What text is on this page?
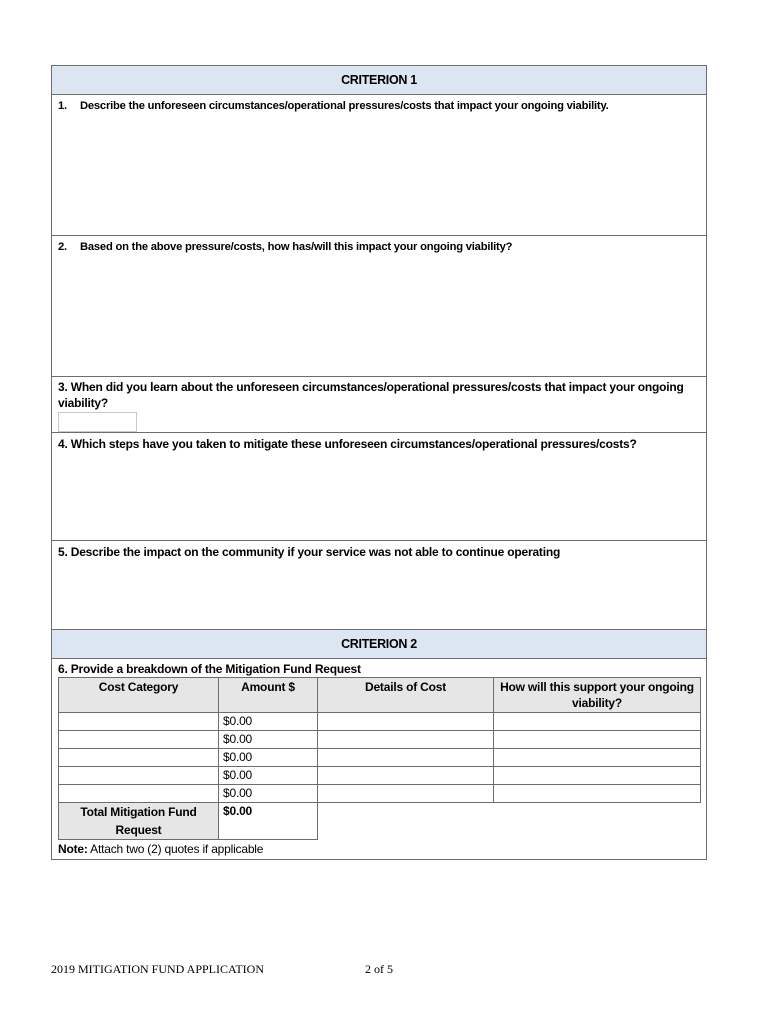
CRITERION 1
1. Describe the unforeseen circumstances/operational pressures/costs that impact your ongoing viability.
2. Based on the above pressure/costs, how has/will this impact your ongoing viability?
3. When did you learn about the unforeseen circumstances/operational pressures/costs that impact your ongoing viability?
4. Which steps have you taken to mitigate these unforeseen circumstances/operational pressures/costs?
5. Describe the impact on the community if your service was not able to continue operating
CRITERION 2
6. Provide a breakdown of the Mitigation Fund Request
Cost Category	Amount $	Details of Cost	How will this support your ongoing viability?
	$0.00		
	$0.00		
	$0.00		
	$0.00		
	$0.00		
Total Mitigation Fund Request	$0.00		
Note: Attach two (2) quotes if applicable
2019 MITIGATION FUND APPLICATION	2 of 5
